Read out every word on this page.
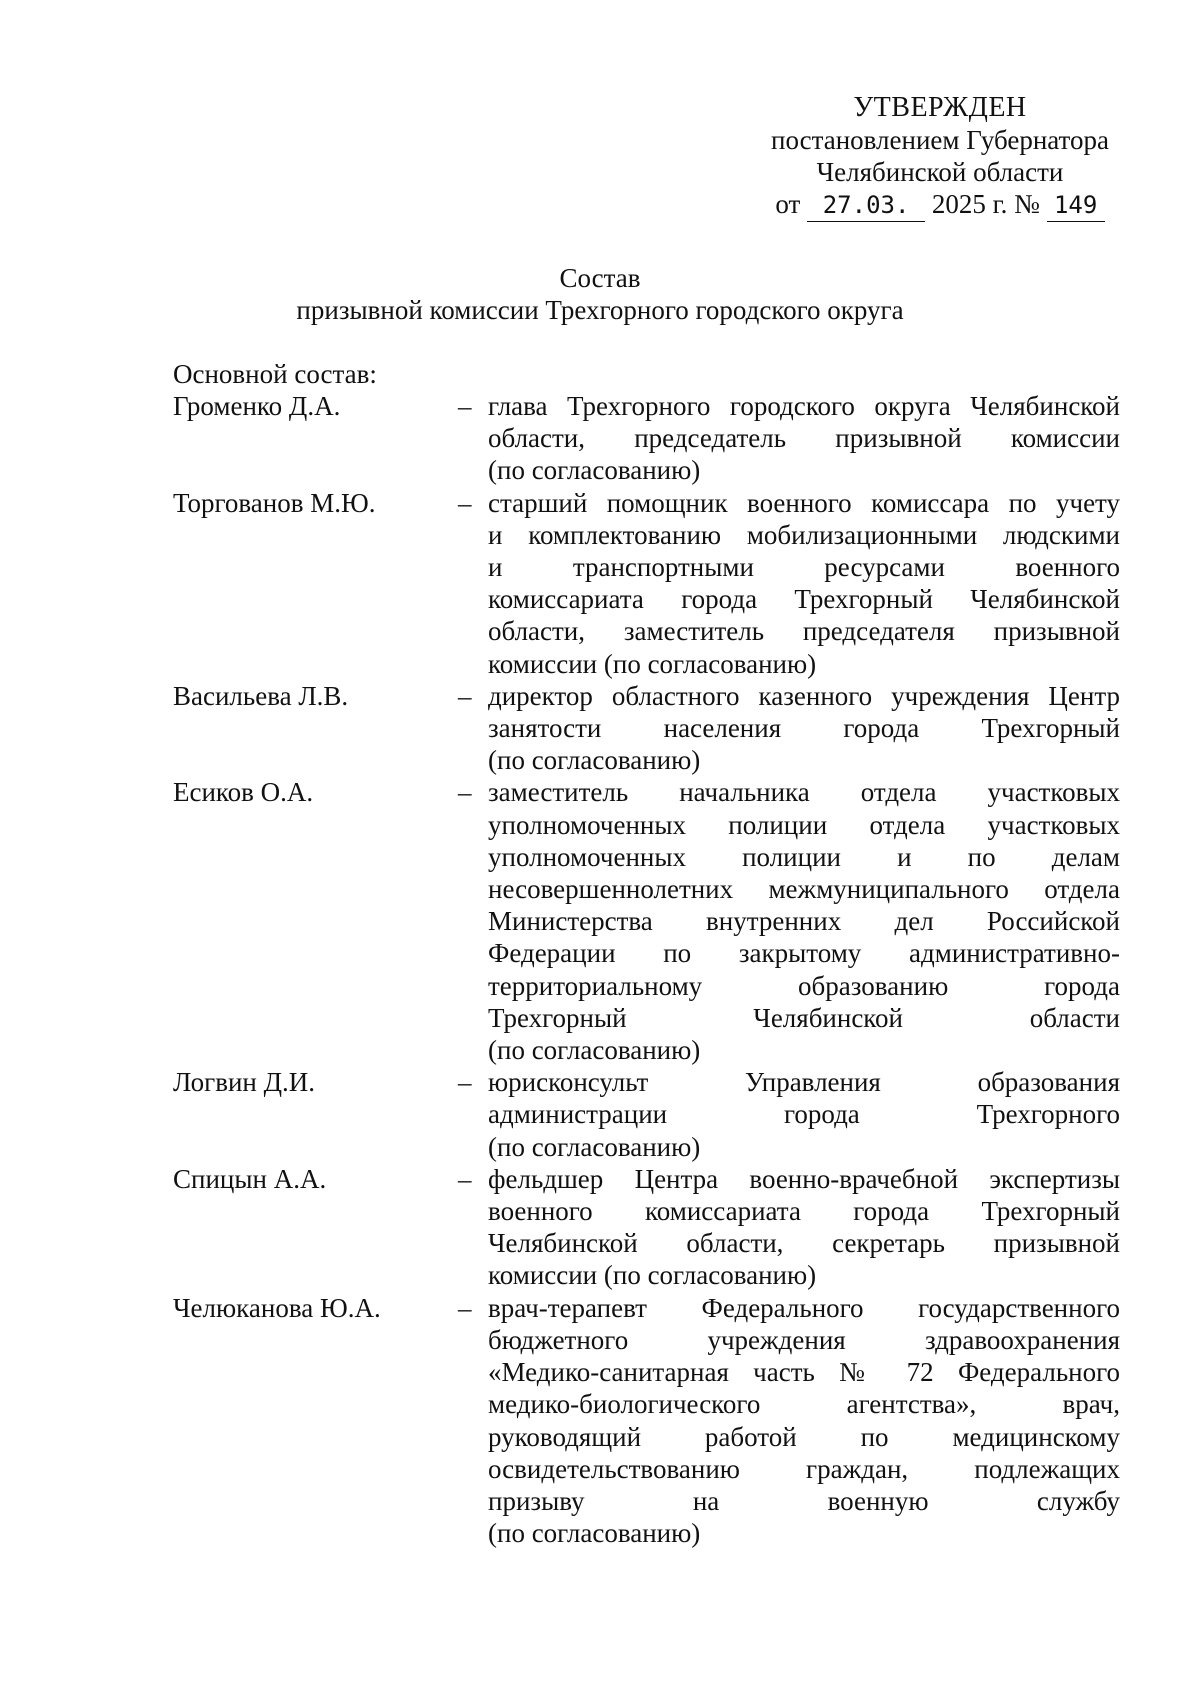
УТВЕРЖДЕН
постановлением Губернатора
Челябинской области
от 27.03. 2025 г. № 149
Состав
призывной комиссии Трехгорного городского округа
Основной состав:
Громенко Д.А.	– глава Трехгорного городского округа Челябинской
области, председатель призывной комиссии
(по согласованию)
Торгованов М.Ю.	– старший помощник военного комиссара по учету
и комплектованию мобилизационными людскими
и транспортными ресурсами военного
комиссариата города Трехгорный Челябинской
области, заместитель председателя призывной
комиссии (по согласованию)
Васильева Л.В.	– директор областного казенного учреждения Центр
занятости населения города Трехгорный
(по согласованию)
Есиков О.А.	– заместитель начальника отдела участковых
уполномоченных полиции отдела участковых
уполномоченных полиции и по делам
несовершеннолетних межмуниципального отдела
Министерства внутренних дел Российской
Федерации по закрытому административно-
территориальному образованию города
Трехгорный Челябинской области
(по согласованию)
Логвин Д.И.	– юрисконсульт Управления образования
администрации города Трехгорного
(по согласованию)
Спицын А.А.	– фельдшер Центра военно-врачебной экспертизы
военного комиссариата города Трехгорный
Челябинской области, секретарь призывной
комиссии (по согласованию)
Челюканова Ю.А.	– врач-терапевт Федерального государственного
бюджетного учреждения здравоохранения
«Медико-санитарная часть № 72 Федерального
медико-биологического агентства», врач,
руководящий работой по медицинскому
освидетельствованию граждан, подлежащих
призыву на военную службу
(по согласованию)
